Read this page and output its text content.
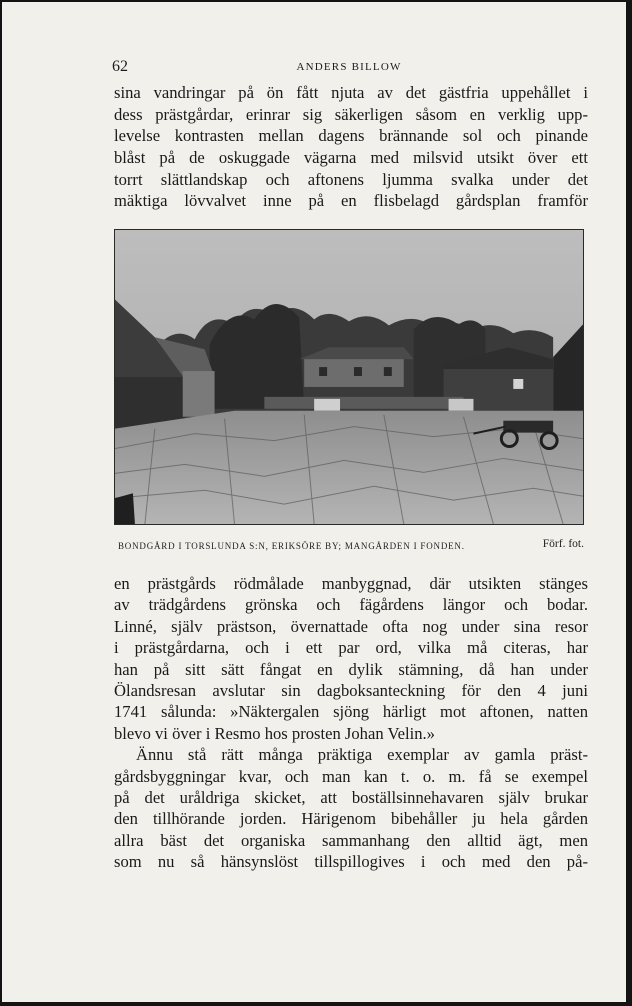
62	ANDERS BILLOW
sina vandringar på ön fått njuta av det gästfria uppehållet i
dess prästgårdar, erinrar sig säkerligen såsom en verklig upp-
levelse kontrasten mellan dagens brännande sol och pinande
blåst på de oskuggade vägarna med milsvid utsikt över ett
torrt slättlandskap och aftonens ljumma svalka under det
mäktiga lövvalvet inne på en flisbelagd gårdsplan framför
BONDGÅRD I TORSLUNDA S:N, ERIKSÖRE BY; MANGÅRDEN I FONDEN.	Förf. fot.
en prästgårds rödmålade manbyggnad, där utsikten stänges
av trädgårdens grönska och fägårdens längor och bodar.
Linné, själv prästson, övernattade ofta nog under sina resor
i prästgårdarna, och i ett par ord, vilka må citeras, har
han på sitt sätt fångat en dylik stämning, då han under
Ölandsresan avslutar sin dagboksanteckning för den 4 juni
1741 sålunda: »Näktergalen sjöng härligt mot aftonen, natten
blevo vi över i Resmo hos prosten Johan Velin.»
Ännu stå rätt många präktiga exemplar av gamla präst-
gårdsbyggningar kvar, och man kan t. o. m. få se exempel
på det uråldriga skicket, att boställsinnehavaren själv brukar
den tillhörande jorden. Härigenom bibehåller ju hela gården
allra bäst det organiska sammanhang den alltid ägt, men
som nu så hänsynslöst tillspillogives i och med den på-
